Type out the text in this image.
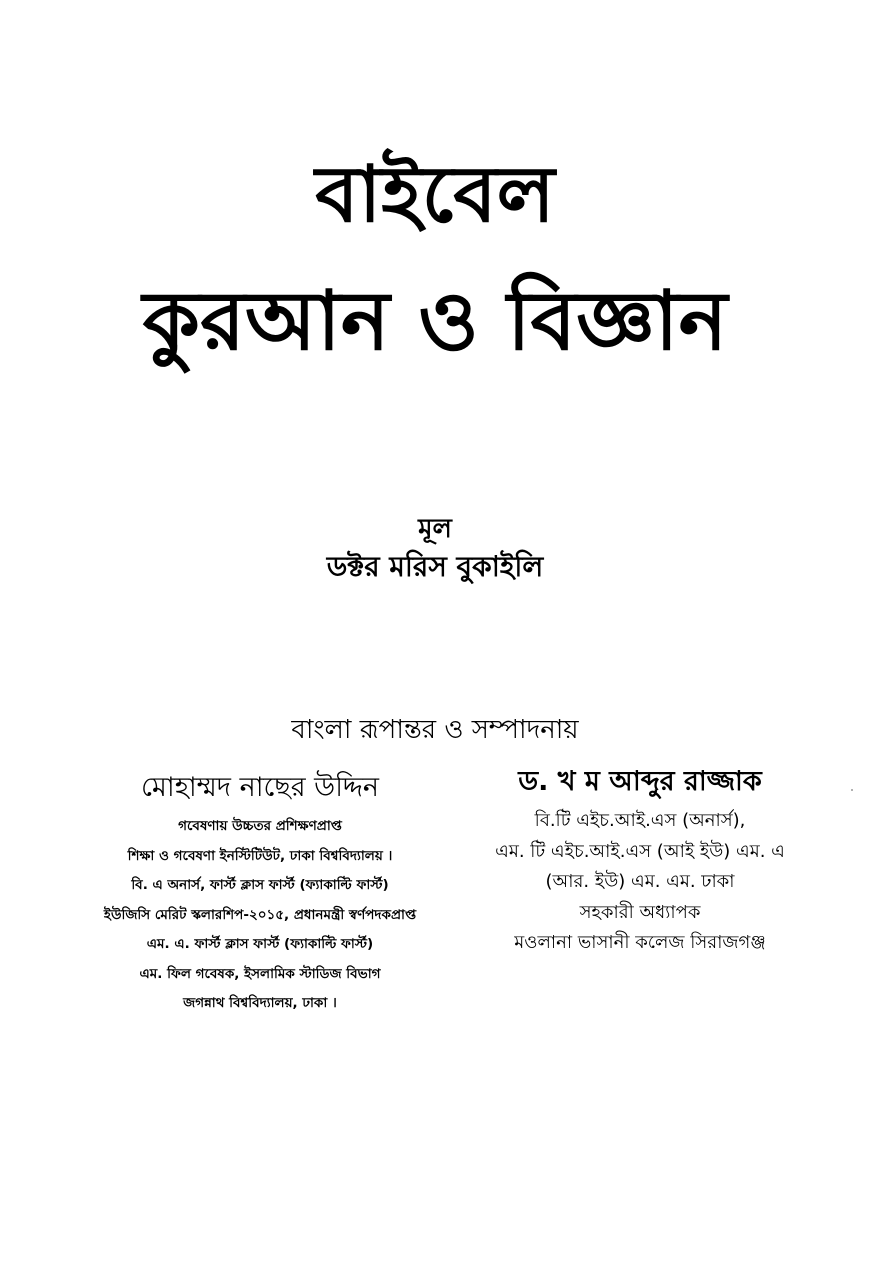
বাইবেল
কুরআন ও বিজ্ঞান
মূল
ডক্টর মরিস বুকাইলি
বাংলা রূপান্তর ও সম্পাদনায়
মোহাম্মদ নাছের উদ্দিন
গবেষণায় উচ্চতর প্রশিক্ষণপ্রাপ্ত
শিক্ষা ও গবেষণা ইনস্টিটিউট, ঢাকা বিশ্ববিদ্যালয় ।
বি. এ অনার্স, ফার্স্ট ক্লাস ফার্স্ট (ফ্যাকাল্টি ফার্স্ট)
ইউজিসি মেরিট স্কলারশিপ-২০১৫, প্রধানমন্ত্রী স্বর্ণপদকপ্রাপ্ত
এম. এ. ফার্স্ট ক্লাস ফার্স্ট (ফ্যাকাল্টি ফার্স্ট)
এম. ফিল গবেষক, ইসলামিক স্টাডিজ বিভাগ
জগন্নাথ বিশ্ববিদ্যালয়, ঢাকা ।
ড. খ ম আব্দুর রাজ্জাক
বি.টি এইচ.আই.এস (অনার্স),
এম. টি এইচ.আই.এস (আই ইউ) এম. এ
(আর. ইউ) এম. এম. ঢাকা
সহকারী অধ্যাপক
মওলানা ভাসানী কলেজ সিরাজগঞ্জ
